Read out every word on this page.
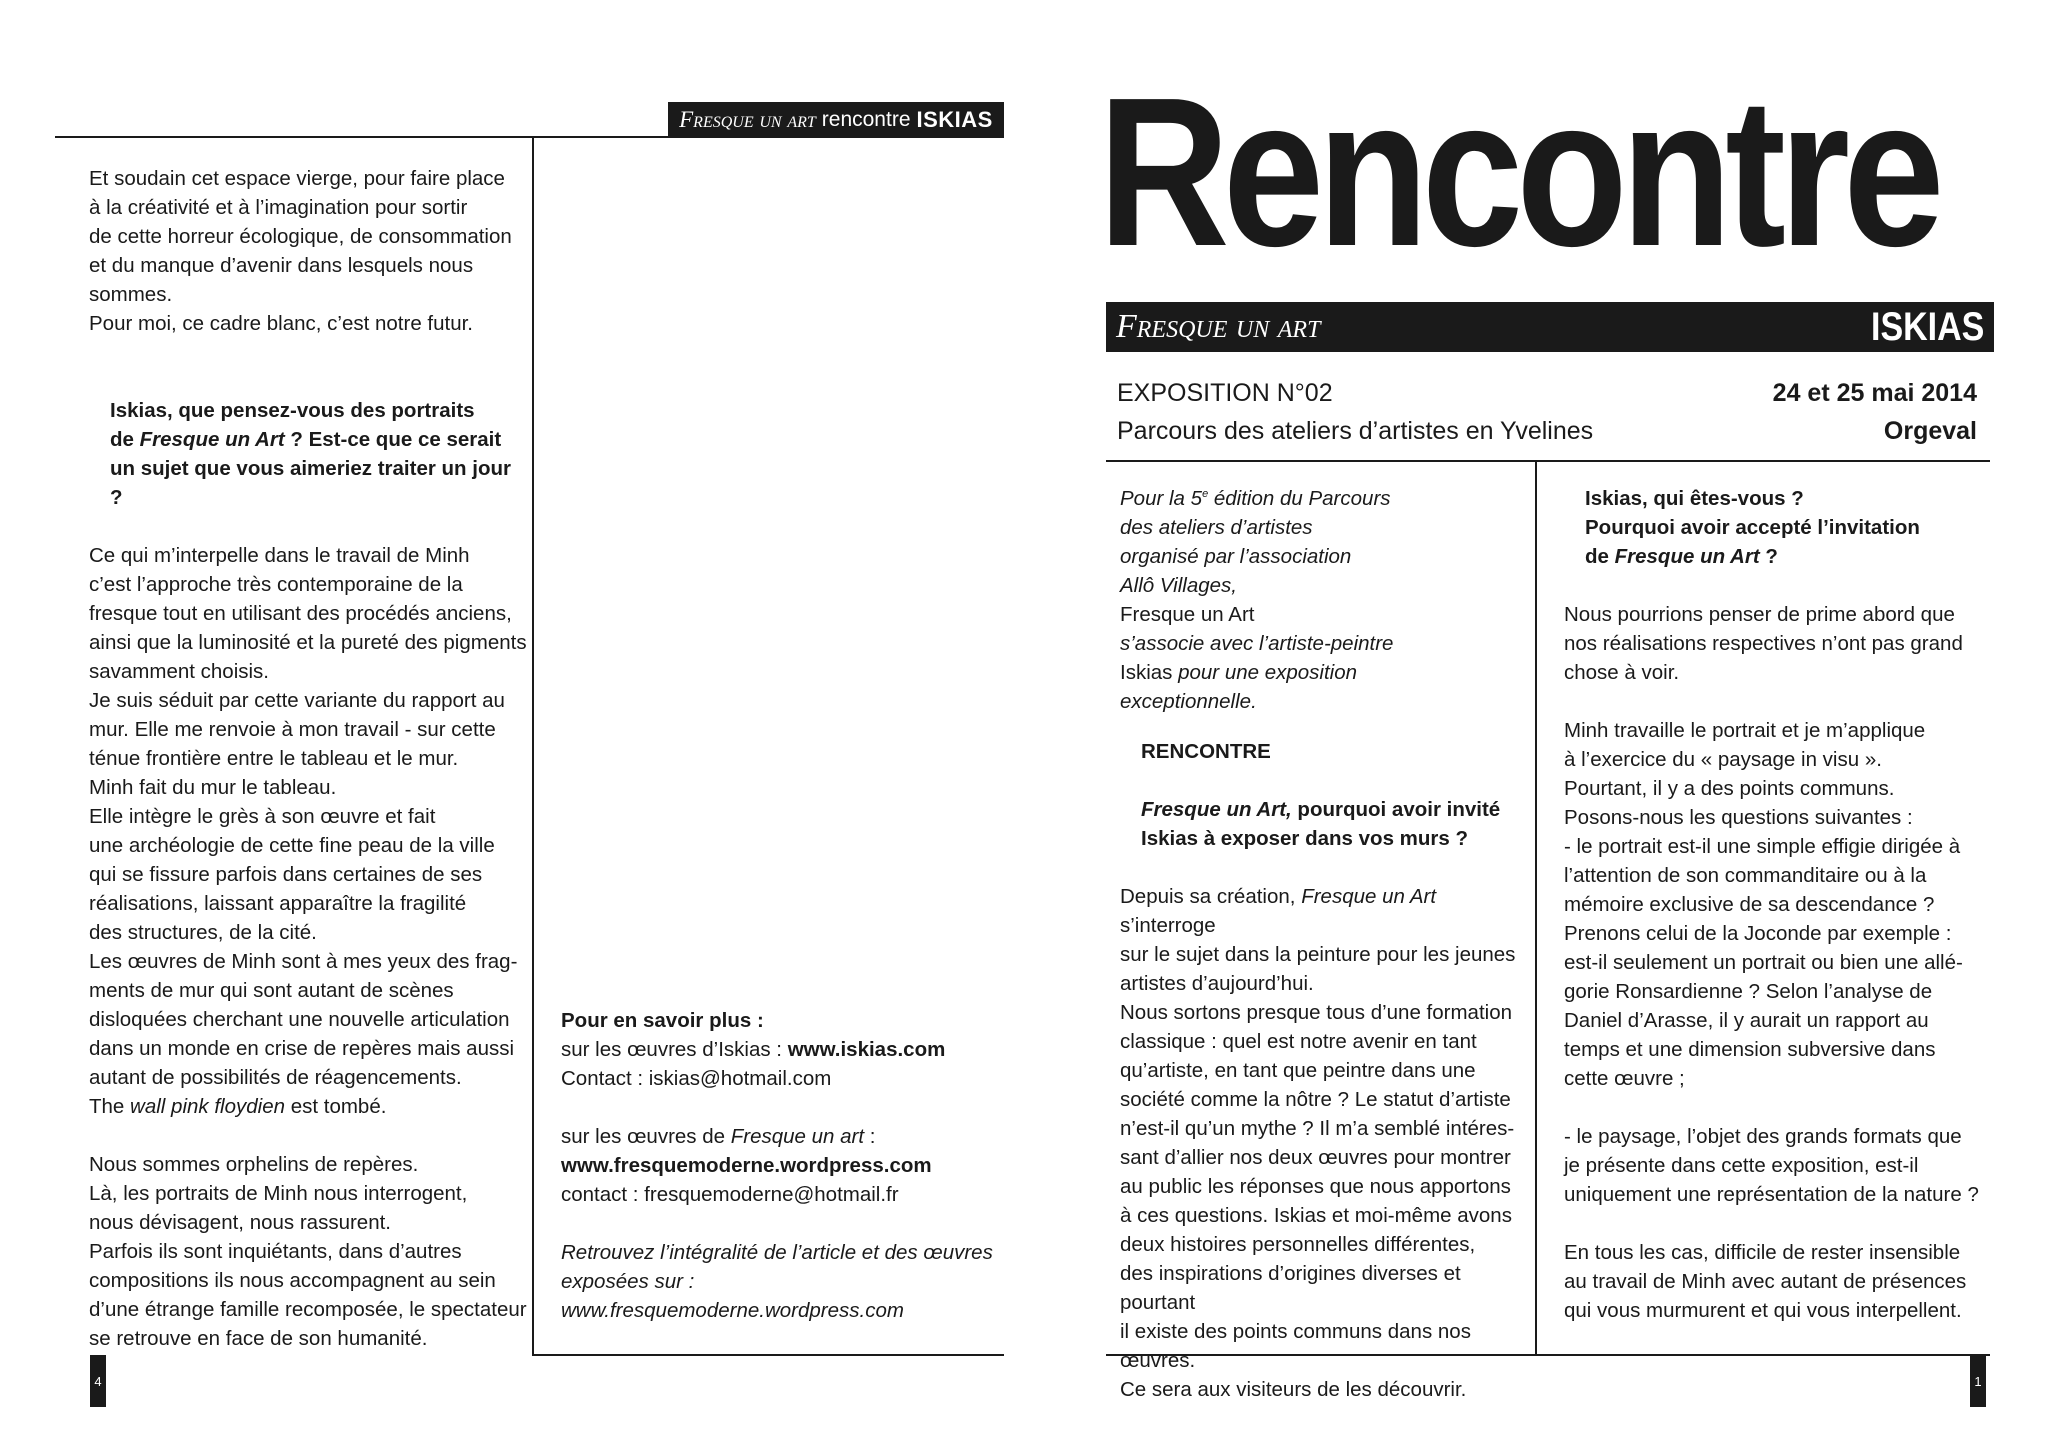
Fresque un art rencontre ISKIAS

Et soudain cet espace vierge, pour faire place
à la créativité et à l’imagination pour sortir
de cette horreur écologique, de consommation
et du manque d’avenir dans lesquels nous
sommes.
Pour moi, ce cadre blanc, c’est notre futur.

Iskias, que pensez-vous des portraits

de Fresque un Art ? Est-ce que ce serait

un sujet que vous aimeriez traiter un jour ?

Ce qui m’interpelle dans le travail de Minh
c’est l’approche très contemporaine de la
fresque tout en utilisant des procédés anciens,
ainsi que la luminosité et la pureté des pigments
savamment choisis.
Je suis séduit par cette variante du rapport au
mur. Elle me renvoie à mon travail - sur cette
ténue frontière entre le tableau et le mur.
Minh fait du mur le tableau.
Elle intègre le grès à son œuvre et fait
une archéologie de cette fine peau de la ville
qui se fissure parfois dans certaines de ses
réalisations, laissant apparaître la fragilité
des structures, de la cité.
Les œuvres de Minh sont à mes yeux des frag-
ments de mur qui sont autant de scènes
disloquées cherchant une nouvelle articulation
dans un monde en crise de repères mais aussi
autant de possibilités de réagencements.

The wall pink floydien est tombé.

Nous sommes orphelins de repères.
Là, les portraits de Minh nous interrogent,
nous dévisagent, nous rassurent.
Parfois ils sont inquiétants, dans d’autres
compositions ils nous accompagnent au sein
d’une étrange famille recomposée, le spectateur
se retrouve en face de son humanité.

Pour en savoir plus :

sur les œuvres d’Iskias : www.iskias.com

Contact : iskias@hotmail.com

sur les œuvres de Fresque un art :

www.fresquemoderne.wordpress.com

contact : fresquemoderne@hotmail.fr

Retrouvez l’intégralité de l’article et des œuvres

exposées sur :

www.fresquemoderne.wordpress.com

4
Rencontre
Fresque un art	ISKIAS
EXPOSITION N°02	24 et 25 mai 2014
Parcours des ateliers d’artistes en Yvelines	Orgeval

Pour la 5e édition du Parcours

des ateliers d’artistes

organisé par l’association

Allô Villages,

Fresque un Art

s’associe avec l’artiste-peintre

Iskias pour une exposition

exceptionnelle.

RENCONTRE

Fresque un Art, pourquoi avoir invité

Iskias à exposer dans vos murs ?

Depuis sa création, Fresque un Art s’interroge

sur le sujet dans la peinture pour les jeunes
artistes d’aujourd’hui.
Nous sortons presque tous d’une formation
classique : quel est notre avenir en tant
qu’artiste, en tant que peintre dans une
société comme la nôtre ? Le statut d’artiste
n’est-il qu’un mythe ? Il m’a semblé intéres-
sant d’allier nos deux œuvres pour montrer
au public les réponses que nous apportons
à ces questions. Iskias et moi-même avons
deux histoires personnelles différentes,
des inspirations d’origines diverses et pourtant
il existe des points communs dans nos œuvres.
Ce sera aux visiteurs de les découvrir.

Iskias, qui êtes-vous ?

Pourquoi avoir accepté l’invitation

de Fresque un Art ?

Nous pourrions penser de prime abord que
nos réalisations respectives n’ont pas grand
chose à voir.

Minh travaille le portrait et je m’applique
à l’exercice du « paysage in visu ».
Pourtant, il y a des points communs.
Posons-nous les questions suivantes :
- le portrait est-il une simple effigie dirigée à
l’attention de son commanditaire ou à la
mémoire exclusive de sa descendance ?
Prenons celui de la Joconde par exemple :
est-il seulement un portrait ou bien une allé-
gorie Ronsardienne ? Selon l’analyse de
Daniel d’Arasse, il y aurait un rapport au
temps et une dimension subversive dans
cette œuvre ;

- le paysage, l’objet des grands formats que
je présente dans cette exposition, est-il
uniquement une représentation de la nature ?

En tous les cas, difficile de rester insensible
au travail de Minh avec autant de présences
qui vous murmurent et qui vous interpellent.

1
